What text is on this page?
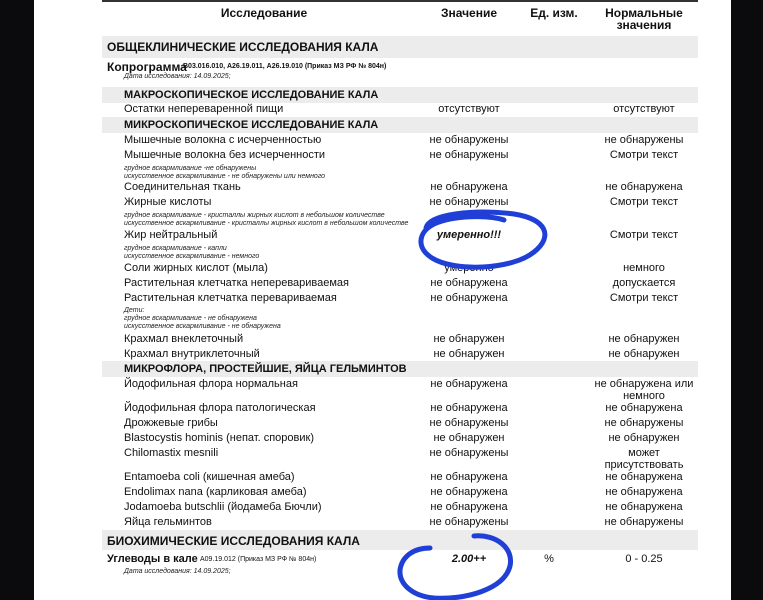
Исследование	Значение	Ед. изм.	Нормальные
значения
ОБЩЕКЛИНИЧЕСКИЕ ИССЛЕДОВАНИЯ КАЛА
Копрограмма
В03.016.010, А26.19.011, А26.19.010 (Приказ МЗ РФ № 804н)
Дата исследования: 14.09.2025;
МАКРОСКОПИЧЕСКОЕ ИССЛЕДОВАНИЕ КАЛА
Остатки непереваренной пищи	отсутствуют	отсутствуют
МИКРОСКОПИЧЕСКОЕ ИССЛЕДОВАНИЕ КАЛА
Мышечные волокна с исчерченностью	не обнаружены	не обнаружены
Мышечные волокна без исчерченности	не обнаружены	Смотри текст
грудное вскармливание -не обнаружены
искусственное вскармливание - не обнаружены или немного
Соединительная ткань	не обнаружена	не обнаружена
Жирные кислоты	не обнаружены	Смотри текст
грудное вскармливание - кристаллы жирных кислот в небольшом количестве
искусственное вскармливание - кристаллы жирных кислот в небольшом количестве
Жир нейтральный	умеренно!!!	Смотри текст
грудное вскармливание - капли
искусственное вскармливание - немного
Соли жирных кислот (мыла)	умеренно	немного
Растительная клетчатка неперевариваемая	не обнаружена	допускается
Растительная клетчатка перевариваемая	не обнаружена	Смотри текст
Дети:
грудное вскармливание - не обнаружена
искусственное вскармливание - не обнаружена
Крахмал внеклеточный	не обнаружен	не обнаружен
Крахмал внутриклеточный	не обнаружен	не обнаружен
МИКРОФЛОРА, ПРОСТЕЙШИЕ, ЯЙЦА ГЕЛЬМИНТОВ
Йодофильная флора нормальная	не обнаружена	не обнаружена или
немного
Йодофильная флора патологическая	не обнаружена	не обнаружена
Дрожжевые грибы	не обнаружены	не обнаружены
Blastocystis hominis (непат. споровик)	не обнаружен	не обнаружен
Chilomastix mesnili	не обнаружены	может
присутствовать
Entamoeba coli (кишечная амеба)	не обнаружена	не обнаружена
Endolimax nana (карликовая амеба)	не обнаружена	не обнаружена
Jodamoeba butschlii (йодамеба Бючли)	не обнаружена	не обнаружена
Яйца гельминтов	не обнаружены	не обнаружены
БИОХИМИЧЕСКИЕ ИССЛЕДОВАНИЯ КАЛА
Углеводы в кале А09.19.012 (Приказ МЗ РФ № 804н)	2.00++	%	0 - 0.25
Дата исследования: 14.09.2025;
